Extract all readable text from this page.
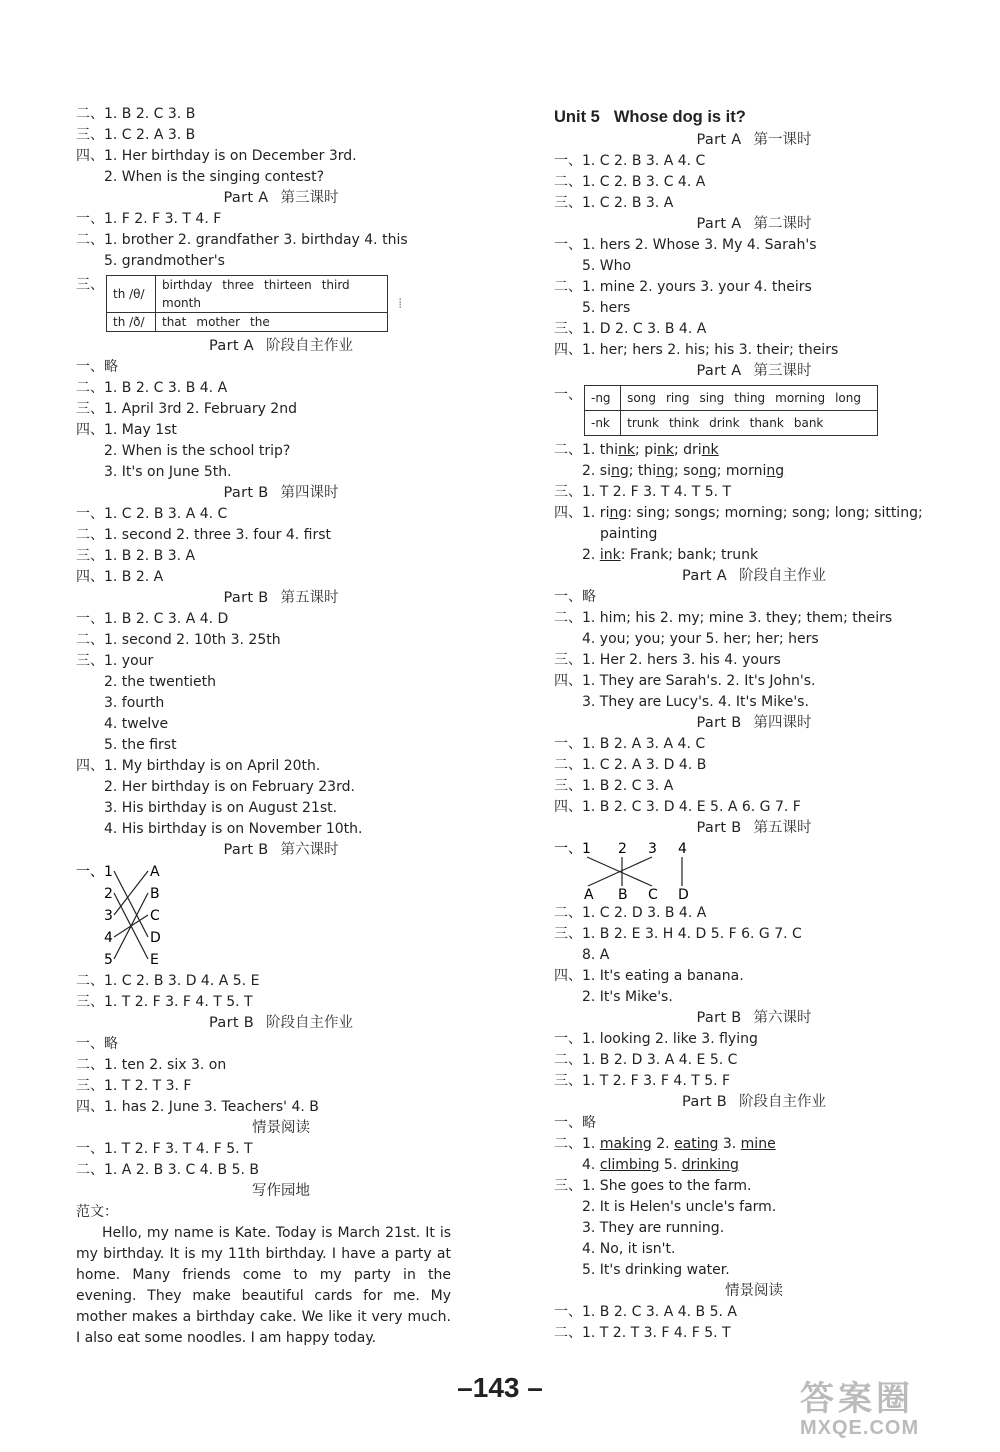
二、1. B 2. C 3. B
三、1. C 2. A 3. B
四、1. Her birthday is on December 3rd.
2. When is the singing contest?
Part A 第三课时
一、1. F 2. F 3. T 4. F
二、1. brother 2. grandfather 3. birthday 4. this
5. grandmother's
三、
th /θ/	birthday three thirteen third
month
th /ð/	that mother the
Part A 阶段自主作业
一、略
二、1. B 2. C 3. B 4. A
三、1. April 3rd 2. February 2nd
四、1. May 1st
2. When is the school trip?
3. It's on June 5th.
Part B 第四课时
一、1. C 2. B 3. A 4. C
二、1. second 2. three 3. four 4. first
三、1. B 2. B 3. A
四、1. B 2. A
Part B 第五课时
一、1. B 2. C 3. A 4. D
二、1. second 2. 10th 3. 25th
三、1. your
2. the twentieth
3. fourth
4. twelve
5. the first
四、1. My birthday is on April 20th.
2. Her birthday is on February 23rd.
3. His birthday is on August 21st.
4. His birthday is on November 10th.
Part B 第六课时
一、 1
2
3
4
5
A
B
C
D
E
二、1. C 2. B 3. D 4. A 5. E
三、1. T 2. F 3. F 4. T 5. T
Part B 阶段自主作业
一、略
二、1. ten 2. six 3. on
三、1. T 2. T 3. F
四、1. has 2. June 3. Teachers' 4. B
情景阅读
一、1. T 2. F 3. T 4. F 5. T
二、1. A 2. B 3. C 4. B 5. B
写作园地
范文：
Hello, my name is Kate. Today is March 21st. It is my birthday. It is my 11th birthday. I have a party at home. Many friends come to my party in the evening. They make beautiful cards for me. My mother makes a birthday cake. We like it very much. I also eat some noodles. I am happy today.
⁞
Unit 5 Whose dog is it?
Part A 第一课时
一、1. C 2. B 3. A 4. C
二、1. C 2. B 3. C 4. A
三、1. C 2. B 3. A
Part A 第二课时
一、1. hers 2. Whose 3. My 4. Sarah's
5. Who
二、1. mine 2. yours 3. your 4. theirs
5. hers
三、1. D 2. C 3. B 4. A
四、1. her; hers 2. his; his 3. their; theirs
Part A 第三课时
一、 -ng	song ring sing thing morning long
-nk	trunk think drink thank bank
二、1. think; pink; drink
2. sing; thing; song; morning
三、1. T 2. F 3. T 4. T 5. T
四、1. ring: sing; songs; morning; song; long; sitting;
painting
2. ink: Frank; bank; trunk
Part A 阶段自主作业
一、略
二、1. him; his 2. my; mine 3. they; them; theirs
4. you; you; your 5. her; her; hers
三、1. Her 2. hers 3. his 4. yours
四、1. They are Sarah's. 2. It's John's.
3. They are Lucy's. 4. It's Mike's.
Part B 第四课时
一、1. B 2. A 3. A 4. C
二、1. C 2. A 3. D 4. B
三、1. B 2. C 3. A
四、1. B 2. C 3. D 4. E 5. A 6. G 7. F
Part B 第五课时
一、 1 2 3 4
A B C D
二、1. C 2. D 3. B 4. A
三、1. B 2. E 3. H 4. D 5. F 6. G 7. C
8. A
四、1. It's eating a banana.
2. It's Mike's.
Part B 第六课时
一、1. looking 2. like 3. flying
二、1. B 2. D 3. A 4. E 5. C
三、1. T 2. F 3. F 4. T 5. F
Part B 阶段自主作业
一、略
二、1. making 2. eating 3. mine
4. climbing 5. drinking
三、1. She goes to the farm.
2. It is Helen's uncle's farm.
3. They are running.
4. No, it isn't.
5. It's drinking water.
情景阅读
一、1. B 2. C 3. A 4. B 5. A
二、1. T 2. T 3. F 4. F 5. T
–143 –	答案圈
MXQE.COM
